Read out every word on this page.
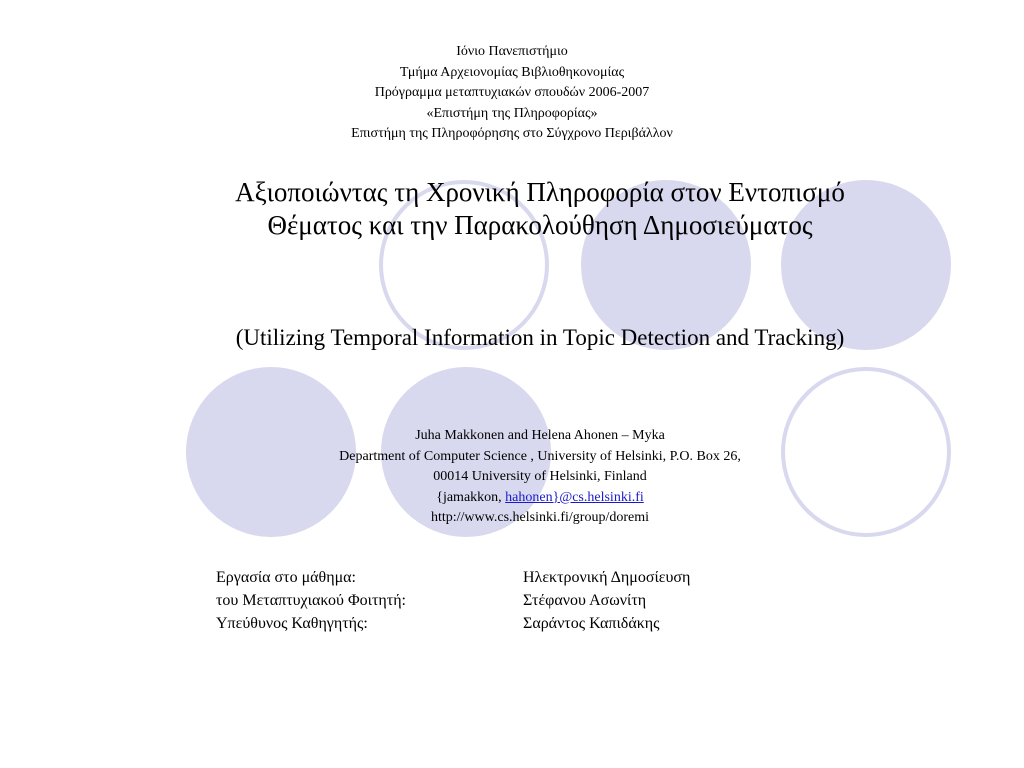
Ιόνιο Πανεπιστήμιο
Τμήμα Αρχειονομίας Βιβλιοθηκονομίας
Πρόγραμμα μεταπτυχιακών σπουδών 2006-2007
«Επιστήμη της Πληροφορίας»
Επιστήμη της Πληροφόρησης στο Σύγχρονο Περιβάλλον
Αξιοποιώντας τη Χρονική Πληροφορία στον Εντοπισμό Θέματος και την Παρακολούθηση Δημοσιεύματος
(Utilizing Temporal Information in Topic Detection and Tracking)
Juha Makkonen and Helena Ahonen – Myka
Department of Computer Science , University of Helsinki, P.O. Box 26,
00014 University of Helsinki, Finland
{jamakkon, hahonen}@cs.helsinki.fi
http://www.cs.helsinki.fi/group/doremi
Εργασία στο μάθημα:	Ηλεκτρονική Δημοσίευση
του Μεταπτυχιακού Φοιτητή:	Στέφανου Ασωνίτη
Υπεύθυνος Καθηγητής:	Σαράντος Καπιδάκης
